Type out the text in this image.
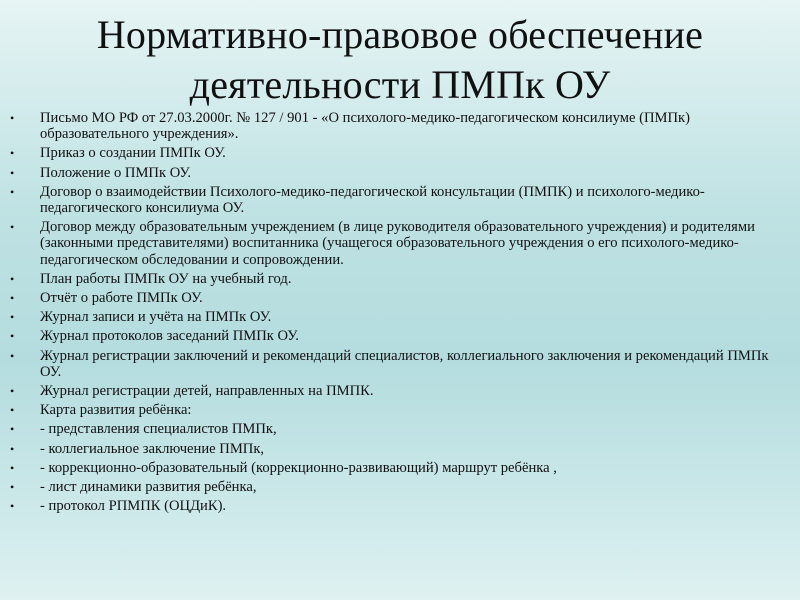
Нормативно-правовое обеспечение
деятельности ПМПк ОУ
• Письмо МО РФ от 27.03.2000г. № 127 / 901 - «О психолого-медико-педагогическом консилиуме (ПМПк) образовательного учреждения».
• Приказ о создании ПМПк ОУ.
• Положение о ПМПк ОУ.
• Договор о взаимодействии Психолого-медико-педагогической консультации (ПМПК) и психолого-медико-педагогического консилиума ОУ.
• Договор между образовательным учреждением (в лице руководителя образовательного учреждения) и родителями (законными представителями) воспитанника (учащегося образовательного учреждения о его психолого-медико-педагогическом обследовании и сопровождении.
• План работы ПМПк ОУ на учебный год.
• Отчёт о работе ПМПк ОУ.
• Журнал записи и учёта на ПМПк ОУ.
• Журнал протоколов заседаний ПМПк ОУ.
• Журнал регистрации заключений и рекомендаций специалистов, коллегиального заключения и рекомендаций ПМПк ОУ.
• Журнал регистрации детей, направленных на ПМПК.
• Карта развития ребёнка:
• - представления специалистов ПМПк,
• - коллегиальное заключение ПМПк,
• - коррекционно-образовательный (коррекционно-развивающий) маршрут ребёнка ,
• - лист динамики развития ребёнка,
• - протокол РПМПК (ОЦДиК).
